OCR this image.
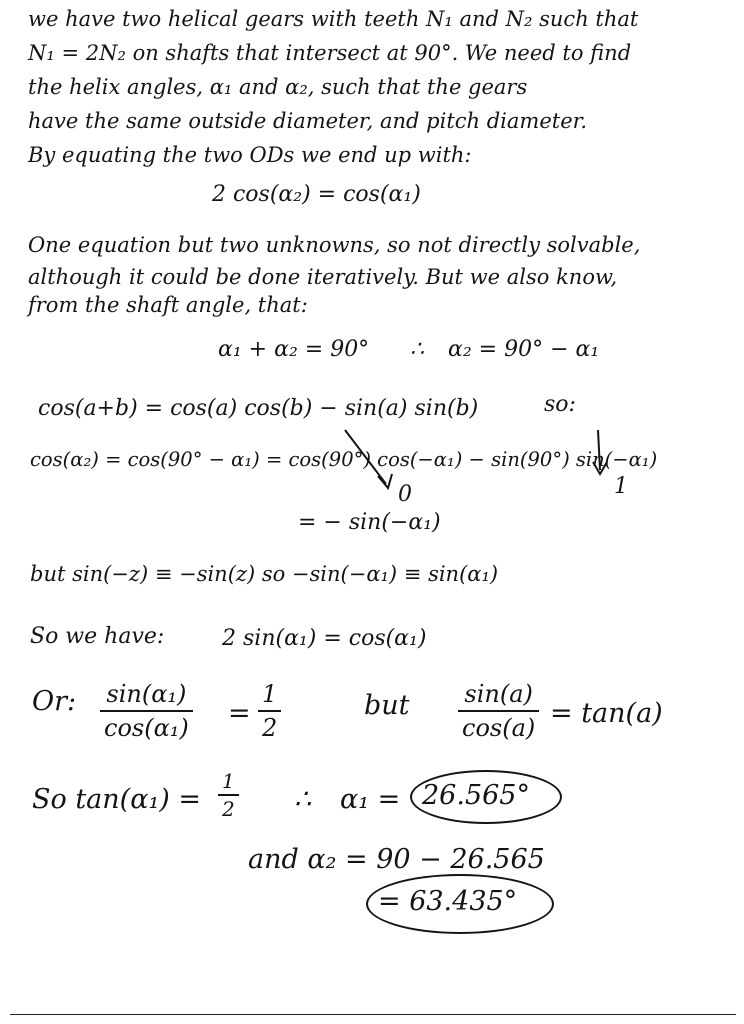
we have two helical gears with teeth N₁ and N₂ such that
N₁ = 2N₂ on shafts that intersect at 90°. We need to find
the helix angles, α₁ and α₂, such that the gears
have the same outside diameter, and pitch diameter.
By equating the two ODs we end up with:
2 cos(α₂) = cos(α₁)
One equation but two unknowns, so not directly solvable,
although it could be done iteratively. But we also know,
from the shaft angle, that:
α₁ + α₂ = 90° ∴ α₂ = 90° − α₁
cos(a+b) = cos(a) cos(b) − sin(a) sin(b)	so:
cos(α₂) = cos(90° − α₁) = cos(90°) cos(−α₁) − sin(90°) sin(−α₁)
0	1
= − sin(−α₁)
but sin(−z) ≡ −sin(z) so −sin(−α₁) ≡ sin(α₁)
So we have:	2 sin(α₁) = cos(α₁)
Or: sin(α₁)
cos(α₁) =
1
2
but sin(a)
cos(a) = tan(a)
So tan(α₁) =
1
2 ∴ α₁ = 26.565°
and α₂ = 90 − 26.565
= 63.435°
